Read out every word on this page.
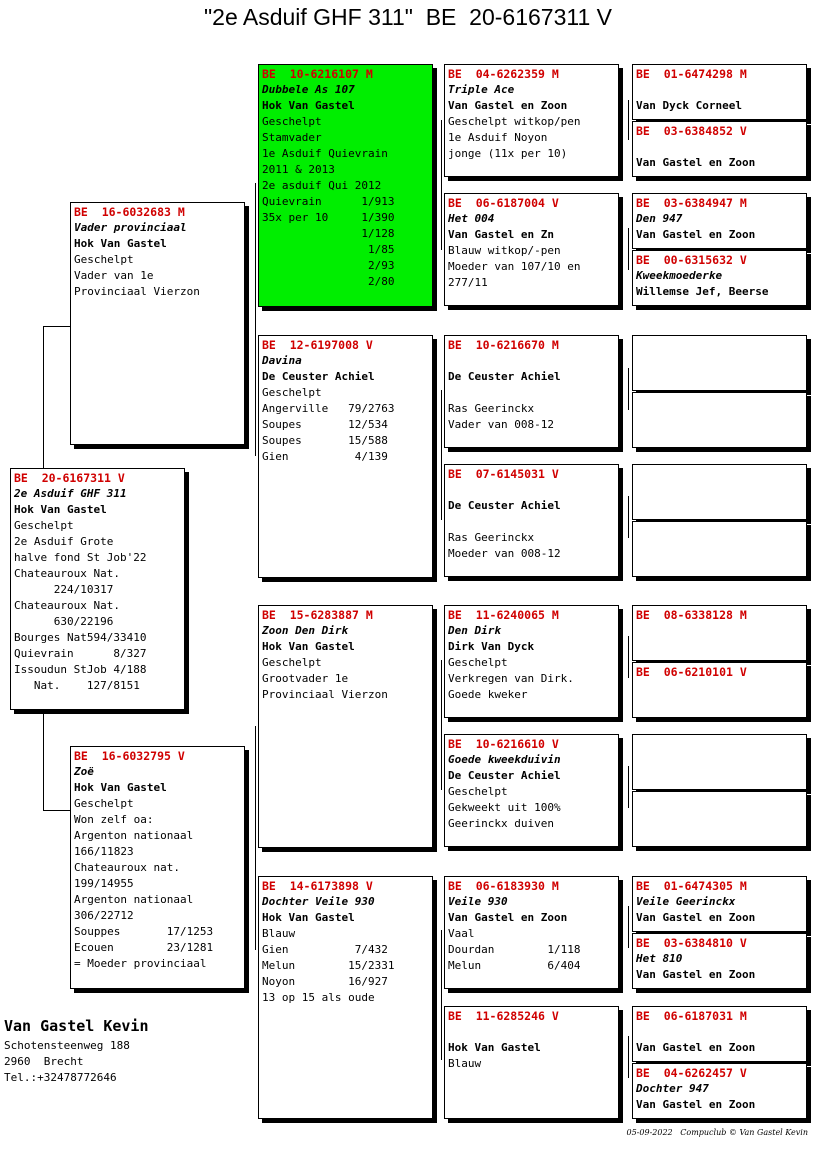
"2e Asduif GHF 311"  BE  20-6167311 V
BE  20-6167311 V
2e Asduif GHF 311
Hok Van Gastel
Geschelpt
2e Asduif Grote
halve fond St Job'22
Chateauroux Nat.
224/10317
Chateauroux Nat.
630/22196
Bourges Nat594/33410
Quievrain      8/327
Issoudun StJob 4/188
Nat.    127/8151
BE  16-6032683 M
Vader provinciaal
Hok Van Gastel
Geschelpt
Vader van 1e
Provinciaal Vierzon
BE  16-6032795 V
Zoë
Hok Van Gastel
Geschelpt
Won zelf oa:
Argenton nationaal
166/11823
Chateauroux nat.
199/14955
Argenton nationaal
306/22712
Souppes       17/1253
Ecouen        23/1281
= Moeder provinciaal
BE  10-6216107 M
Dubbele As 107
Hok Van Gastel
Geschelpt
Stamvader
1e Asduif Quievrain
2011 & 2013
2e asduif Qui 2012
Quievrain      1/913
35x per 10     1/390
1/128
1/85
2/93
2/80
BE  12-6197008 V
Davina
De Ceuster Achiel
Geschelpt
Angerville   79/2763
Soupes       12/534
Soupes       15/588
Gien          4/139
BE  15-6283887 M
Zoon Den Dirk
Hok Van Gastel
Geschelpt
Grootvader 1e
Provinciaal Vierzon
BE  14-6173898 V
Dochter Veile 930
Hok Van Gastel
Blauw
Gien          7/432
Melun        15/2331
Noyon        16/927
13 op 15 als oude
BE  04-6262359 M
Triple Ace
Van Gastel en Zoon
Geschelpt witkop/pen
1e Asduif Noyon
jonge (11x per 10)
BE  06-6187004 V
Het 004
Van Gastel en Zn
Blauw witkop/-pen
Moeder van 107/10 en
277/11
BE  10-6216670 M
De Ceuster Achiel
Ras Geerinckx
Vader van 008-12
BE  07-6145031 V
De Ceuster Achiel
Ras Geerinckx
Moeder van 008-12
BE  11-6240065 M
Den Dirk
Dirk Van Dyck
Geschelpt
Verkregen van Dirk.
Goede kweker
BE  10-6216610 V
Goede kweekduivin
De Ceuster Achiel
Geschelpt
Gekweekt uit 100%
Geerinckx duiven
BE  06-6183930 M
Veile 930
Van Gastel en Zoon
Vaal
Dourdan        1/118
Melun          6/404
BE  11-6285246 V
Hok Van Gastel
Blauw
BE  01-6474298 M
Van Dyck Corneel
BE  03-6384852 V
Van Gastel en Zoon
BE  03-6384947 M
Den 947
Van Gastel en Zoon
BE  00-6315632 V
Kweekmoederke
Willemse Jef, Beerse
BE  08-6338128 M
BE  06-6210101 V
BE  01-6474305 M
Veile Geerinckx
Van Gastel en Zoon
BE  03-6384810 V
Het 810
Van Gastel en Zoon
BE  06-6187031 M
Van Gastel en Zoon
BE  04-6262457 V
Dochter 947
Van Gastel en Zoon
Van Gastel Kevin
Schotensteenweg 188
2960  Brecht
Tel.:+32478772646
05-09-2022   Compuclub © Van Gastel Kevin
